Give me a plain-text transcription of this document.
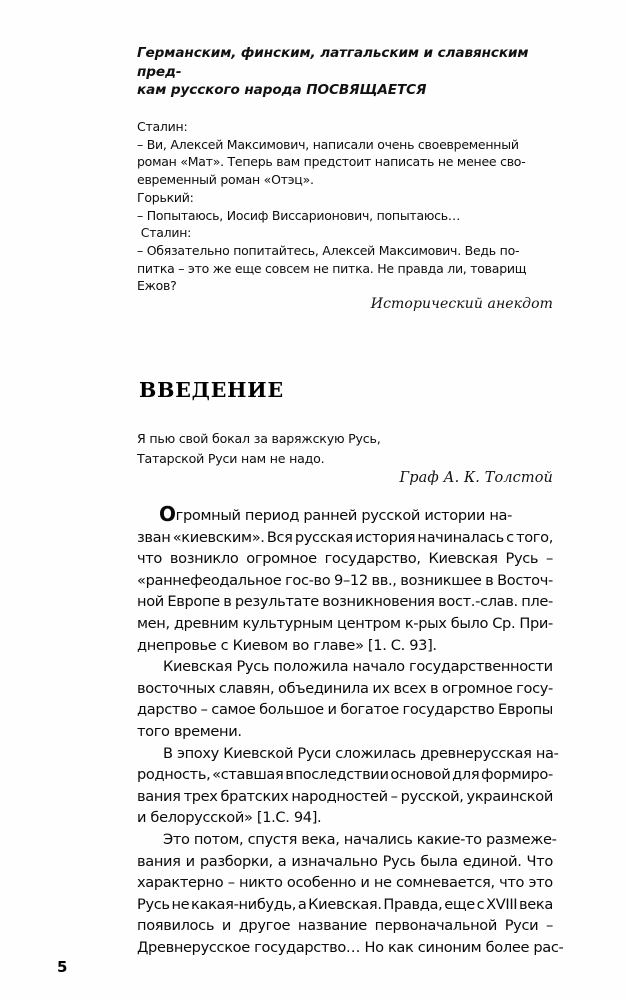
Германским, финским, латгальским и славянским пред-
кам русского народа ПОСВЯЩАЕТСЯ
Сталин:
– Ви, Алексей Максимович, написали очень своевременный
роман «Мат». Теперь вам предстоит написать не менее сво-
евременный роман «Отэц».
Горький:
– Попытаюсь, Иосиф Виссарионович, попытаюсь…
Сталин:
– Обязательно попитайтесь, Алексей Максимович. Ведь по-
питка – это же еще совсем не питка. Не правда ли, товарищ
Ежов?
Исторический анекдот
ВВЕДЕНИЕ
Я пью свой бокал за варяжскую Русь,
Татарской Руси нам не надо.
Граф А. К. Толстой
Огромный период ранней русской истории на-
зван «киевским». Вся русская история начиналась с того,
что возникло огромное государство, Киевская Русь –
«раннефеодальное гос-во 9–12 вв., возникшее в Восточ-
ной Европе в результате возникновения вост.-слав. пле-
мен, древним культурным центром к-рых было Ср. При-
днепровье с Киевом во главе» [1. С. 93].
Киевская Русь положила начало государственности
восточных славян, объединила их всех в огромное госу-
дарство – самое большое и богатое государство Европы
того времени.
В эпоху Киевской Руси сложилась древнерусская на-
родность, «ставшая впоследствии основой для формиро-
вания трех братских народностей – русской, украинской
и белорусской» [1.С. 94].
Это потом, спустя века, начались какие-то размеже-
вания и разборки, а изначально Русь была единой. Что
характерно – никто особенно и не сомневается, что это
Русь не какая-нибудь, а Киевская. Правда, еще с XVIII века
появилось и другое название первоначальной Руси –
Древнерусское государство… Но как синоним более рас-
5
